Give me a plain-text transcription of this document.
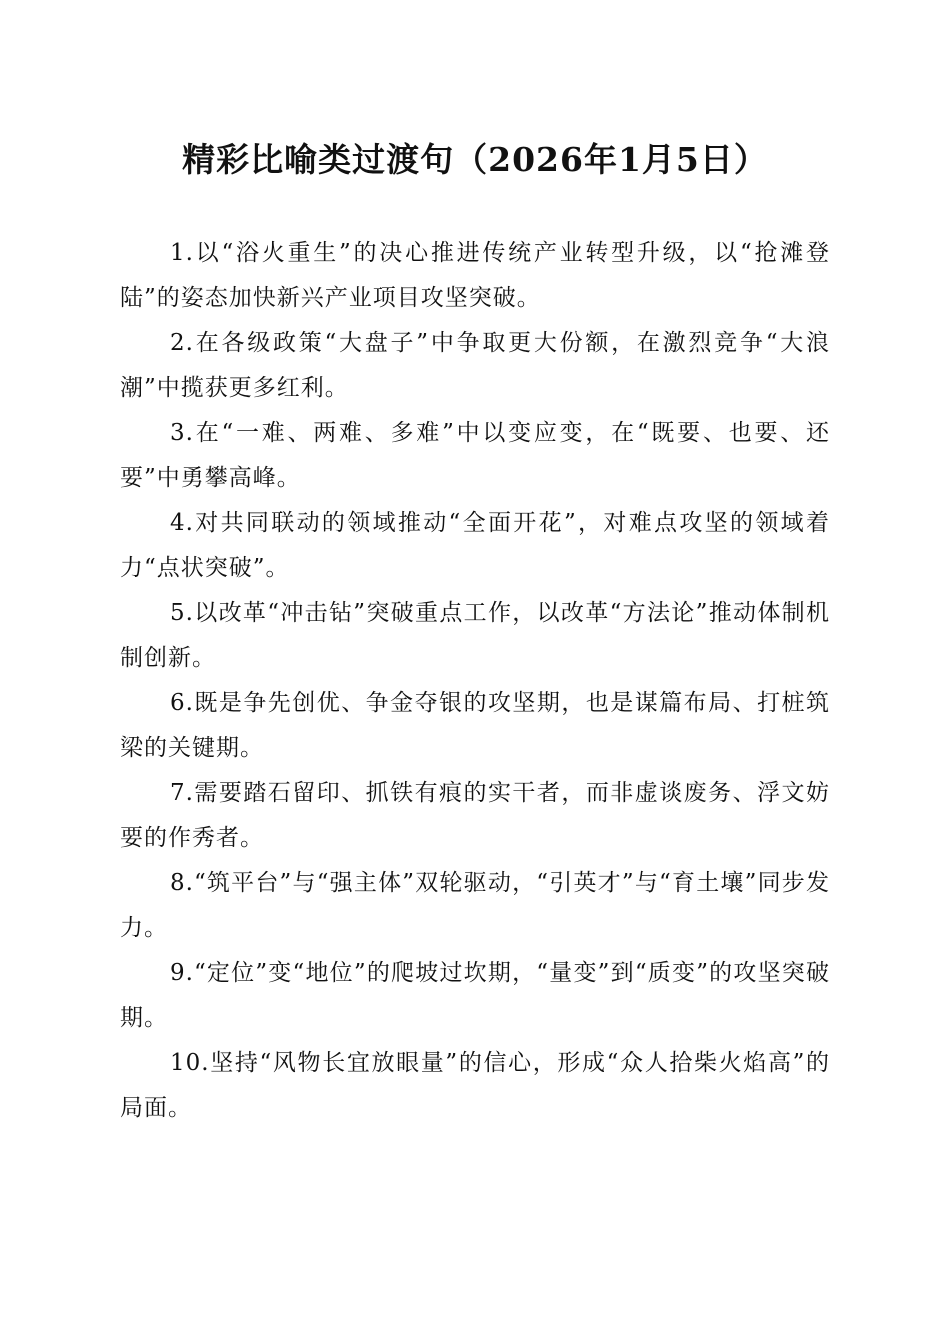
精彩比喻类过渡句（2026年1月5日）

1.以“浴火重生”的决心推进传统产业转型升级，以“抢滩登陆”的姿态加快新兴产业项目攻坚突破。

2.在各级政策“大盘子”中争取更大份额，在激烈竞争“大浪潮”中揽获更多红利。

3.在“一难、两难、多难”中以变应变，在“既要、也要、还要”中勇攀高峰。

4.对共同联动的领域推动“全面开花”，对难点攻坚的领域着力“点状突破”。

5.以改革“冲击钻”突破重点工作，以改革“方法论”推动体制机制创新。

6.既是争先创优、争金夺银的攻坚期，也是谋篇布局、打桩筑梁的关键期。

7.需要踏石留印、抓铁有痕的实干者，而非虚谈废务、浮文妨要的作秀者。

8.“筑平台”与“强主体”双轮驱动，“引英才”与“育土壤”同步发力。

9.“定位”变“地位”的爬坡过坎期，“量变”到“质变”的攻坚突破期。

10.坚持“风物长宜放眼量”的信心，形成“众人拾柴火焰高”的局面。
